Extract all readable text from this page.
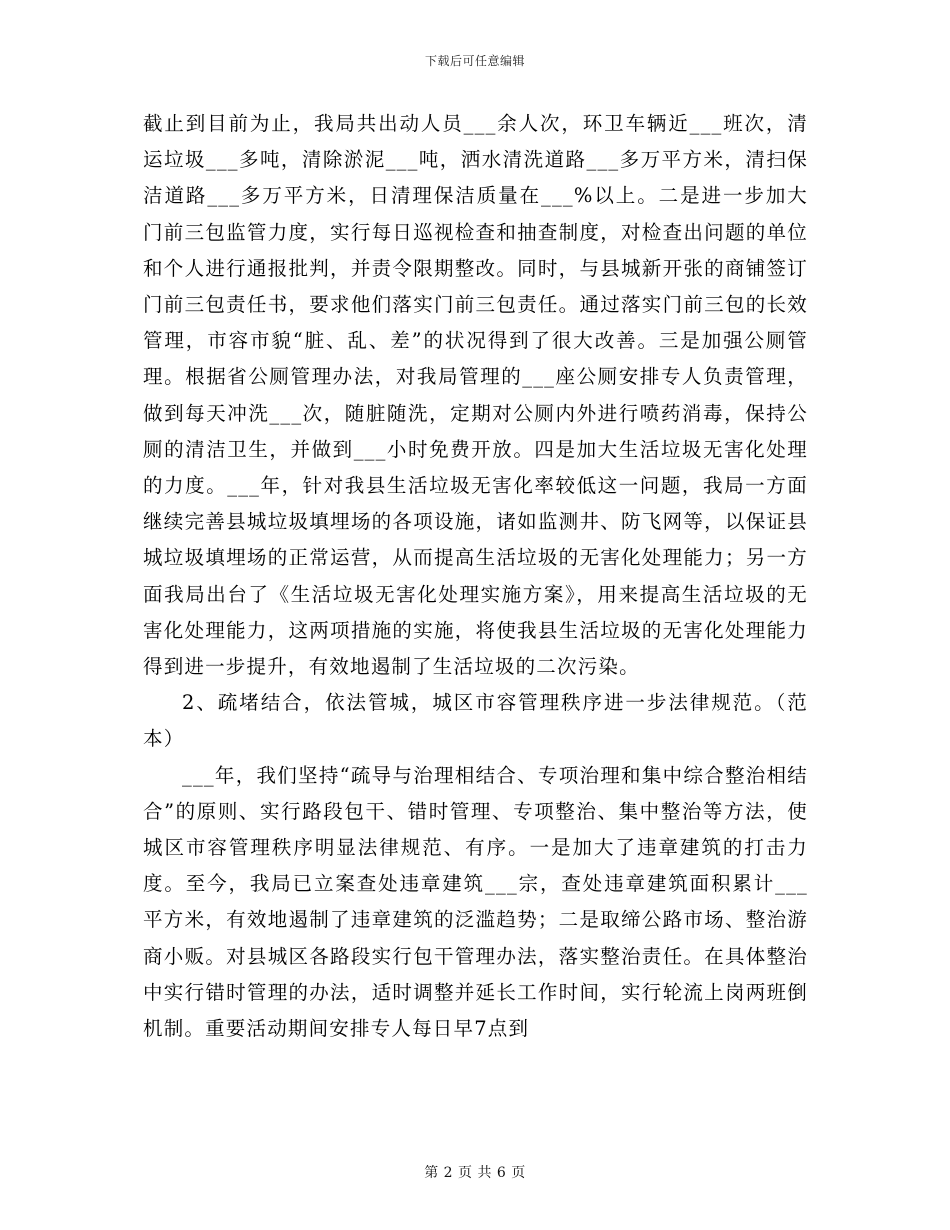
下载后可任意编辑

截止到目前为止，我局共出动人员___余人次，环卫车辆近___班次，清运垃圾___多吨，清除淤泥___吨，洒水清洗道路___多万平方米，清扫保洁道路___多万平方米，日清理保洁质量在___%以上。二是进一步加大门前三包监管力度，实行每日巡视检查和抽查制度，对检查出问题的单位和个人进行通报批判，并责令限期整改。同时，与县城新开张的商铺签订门前三包责任书，要求他们落实门前三包责任。通过落实门前三包的长效管理，市容市貌“脏、乱、差”的状况得到了很大改善。三是加强公厕管理。根据省公厕管理办法，对我局管理的___座公厕安排专人负责管理，做到每天冲洗___次，随脏随洗，定期对公厕内外进行喷药消毒，保持公厕的清洁卫生，并做到___小时免费开放。四是加大生活垃圾无害化处理的力度。___年，针对我县生活垃圾无害化率较低这一问题，我局一方面继续完善县城垃圾填埋场的各项设施，诸如监测井、防飞网等，以保证县城垃圾填埋场的正常运营，从而提高生活垃圾的无害化处理能力；另一方面我局出台了《生活垃圾无害化处理实施方案》，用来提高生活垃圾的无害化处理能力，这两项措施的实施，将使我县生活垃圾的无害化处理能力得到进一步提升，有效地遏制了生活垃圾的二次污染。

2、疏堵结合，依法管城，城区市容管理秩序进一步法律规范。（范本）

___年，我们坚持“疏导与治理相结合、专项治理和集中综合整治相结合”的原则、实行路段包干、错时管理、专项整治、集中整治等方法，使城区市容管理秩序明显法律规范、有序。一是加大了违章建筑的打击力度。至今，我局已立案查处违章建筑___宗，查处违章建筑面积累计___平方米，有效地遏制了违章建筑的泛滥趋势；二是取缔公路市场、整治游商小贩。对县城区各路段实行包干管理办法，落实整治责任。在具体整治中实行错时管理的办法，适时调整并延长工作时间，实行轮流上岗两班倒机制。重要活动期间安排专人每日早7点到

第 2 页 共 6 页
